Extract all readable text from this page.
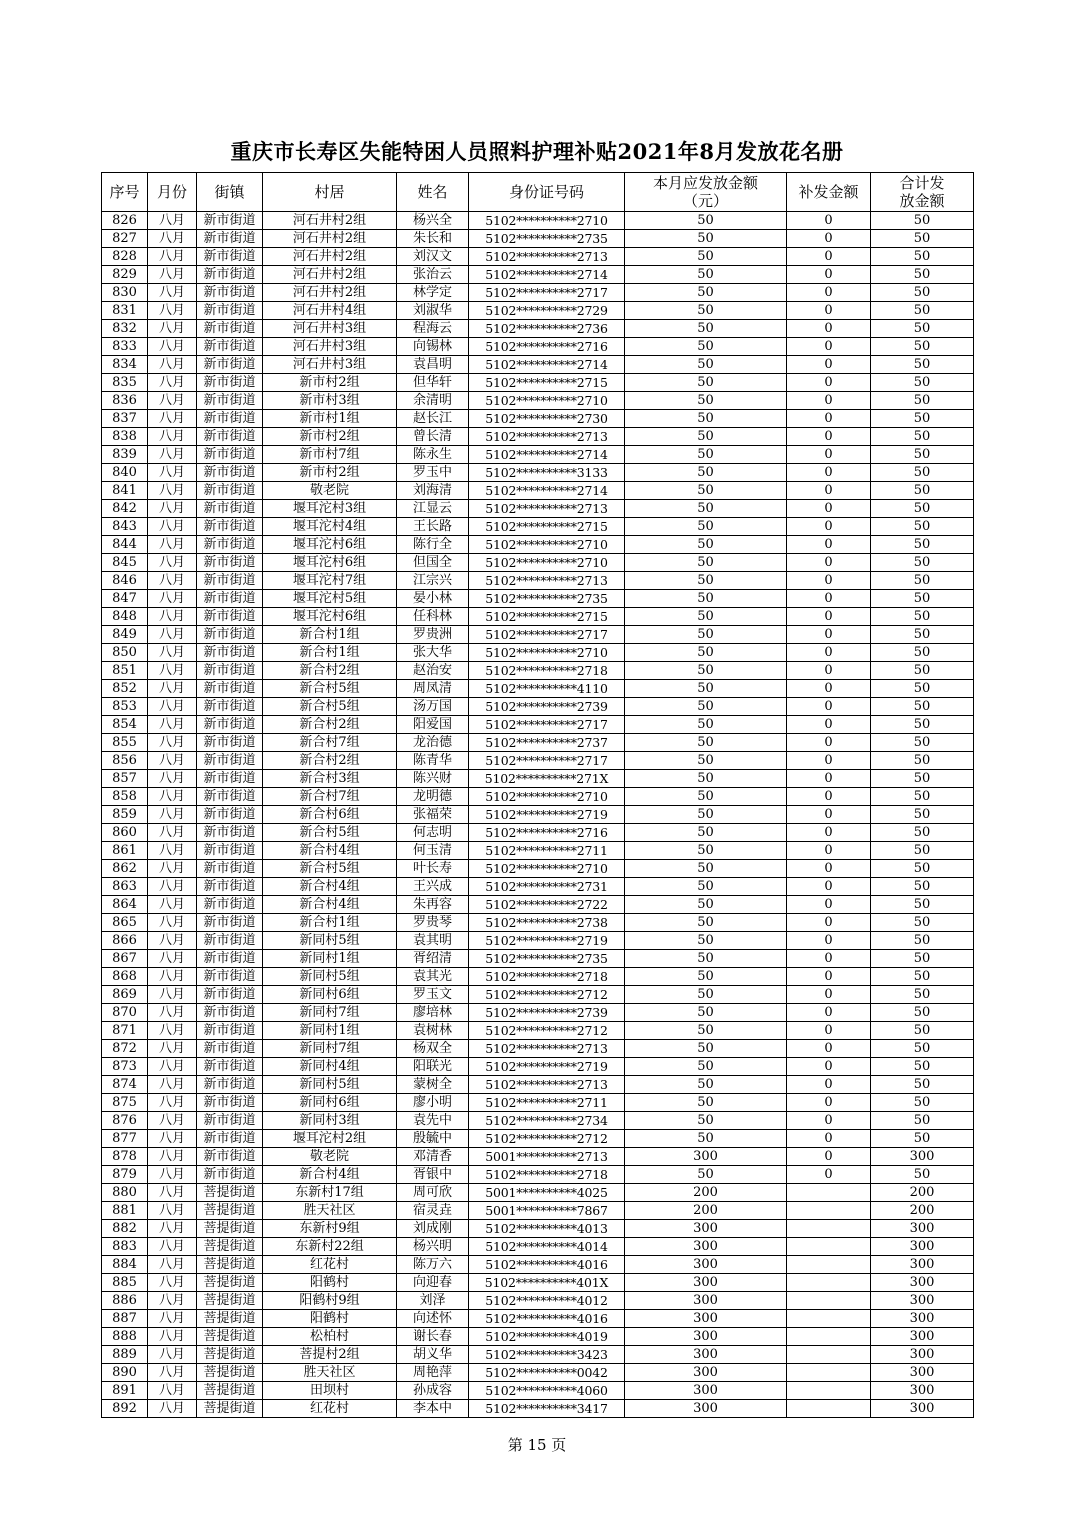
重庆市长寿区失能特困人员照料护理补贴2021年8月发放花名册
序号	月份	街镇	村居	姓名	身份证号码	本月应发放金额（元）	补发金额	合计发放金额
826	八月	新市街道	河石井村2组	杨兴全	5102**********2710	50	0	50
827	八月	新市街道	河石井村2组	朱长和	5102**********2735	50	0	50
828	八月	新市街道	河石井村2组	刘汉文	5102**********2713	50	0	50
829	八月	新市街道	河石井村2组	张治云	5102**********2714	50	0	50
830	八月	新市街道	河石井村2组	林学定	5102**********2717	50	0	50
831	八月	新市街道	河石井村4组	刘淑华	5102**********2729	50	0	50
832	八月	新市街道	河石井村3组	程海云	5102**********2736	50	0	50
833	八月	新市街道	河石井村3组	向锡林	5102**********2716	50	0	50
834	八月	新市街道	河石井村3组	袁昌明	5102**********2714	50	0	50
835	八月	新市街道	新市村2组	但华轩	5102**********2715	50	0	50
836	八月	新市街道	新市村3组	余清明	5102**********2710	50	0	50
837	八月	新市街道	新市村1组	赵长江	5102**********2730	50	0	50
838	八月	新市街道	新市村2组	曾长清	5102**********2713	50	0	50
839	八月	新市街道	新市村7组	陈永生	5102**********2714	50	0	50
840	八月	新市街道	新市村2组	罗玉中	5102**********3133	50	0	50
841	八月	新市街道	敬老院	刘海清	5102**********2714	50	0	50
842	八月	新市街道	堰耳沱村3组	江显云	5102**********2713	50	0	50
843	八月	新市街道	堰耳沱村4组	王长路	5102**********2715	50	0	50
844	八月	新市街道	堰耳沱村6组	陈行全	5102**********2710	50	0	50
845	八月	新市街道	堰耳沱村6组	但国全	5102**********2710	50	0	50
846	八月	新市街道	堰耳沱村7组	江宗兴	5102**********2713	50	0	50
847	八月	新市街道	堰耳沱村5组	晏小林	5102**********2735	50	0	50
848	八月	新市街道	堰耳沱村6组	任科林	5102**********2715	50	0	50
849	八月	新市街道	新合村1组	罗贵洲	5102**********2717	50	0	50
850	八月	新市街道	新合村1组	张大华	5102**********2710	50	0	50
851	八月	新市街道	新合村2组	赵治安	5102**********2718	50	0	50
852	八月	新市街道	新合村5组	周凤清	5102**********4110	50	0	50
853	八月	新市街道	新合村5组	汤万国	5102**********2739	50	0	50
854	八月	新市街道	新合村2组	阳爱国	5102**********2717	50	0	50
855	八月	新市街道	新合村7组	龙治德	5102**********2737	50	0	50
856	八月	新市街道	新合村2组	陈青华	5102**********2717	50	0	50
857	八月	新市街道	新合村3组	陈兴财	5102**********271X	50	0	50
858	八月	新市街道	新合村7组	龙明德	5102**********2710	50	0	50
859	八月	新市街道	新合村6组	张福荣	5102**********2719	50	0	50
860	八月	新市街道	新合村5组	何志明	5102**********2716	50	0	50
861	八月	新市街道	新合村4组	何玉清	5102**********2711	50	0	50
862	八月	新市街道	新合村5组	叶长寿	5102**********2710	50	0	50
863	八月	新市街道	新合村4组	王兴成	5102**********2731	50	0	50
864	八月	新市街道	新合村4组	朱再容	5102**********2722	50	0	50
865	八月	新市街道	新合村1组	罗贵琴	5102**********2738	50	0	50
866	八月	新市街道	新同村5组	袁其明	5102**********2719	50	0	50
867	八月	新市街道	新同村1组	胥绍清	5102**********2735	50	0	50
868	八月	新市街道	新同村5组	袁其光	5102**********2718	50	0	50
869	八月	新市街道	新同村6组	罗玉文	5102**********2712	50	0	50
870	八月	新市街道	新同村7组	廖培林	5102**********2739	50	0	50
871	八月	新市街道	新同村1组	袁树林	5102**********2712	50	0	50
872	八月	新市街道	新同村7组	杨双全	5102**********2713	50	0	50
873	八月	新市街道	新同村4组	阳联光	5102**********2719	50	0	50
874	八月	新市街道	新同村5组	蒙树全	5102**********2713	50	0	50
875	八月	新市街道	新同村6组	廖小明	5102**********2711	50	0	50
876	八月	新市街道	新同村3组	袁先中	5102**********2734	50	0	50
877	八月	新市街道	堰耳沱村2组	殷毓中	5102**********2712	50	0	50
878	八月	新市街道	敬老院	邓清香	5001**********2713	300	0	300
879	八月	新市街道	新合村4组	胥银中	5102**********2718	50	0	50
880	八月	菩提街道	东新村17组	周可欣	5001**********4025	200		200
881	八月	菩提街道	胜天社区	宿灵垚	5001**********7867	200		200
882	八月	菩提街道	东新村9组	刘成刚	5102**********4013	300		300
883	八月	菩提街道	东新村22组	杨兴明	5102**********4014	300		300
884	八月	菩提街道	红花村	陈万六	5102**********4016	300		300
885	八月	菩提街道	阳鹤村	向迎春	5102**********401X	300		300
886	八月	菩提街道	阳鹤村9组	刘泽	5102**********4012	300		300
887	八月	菩提街道	阳鹤村	向述怀	5102**********4016	300		300
888	八月	菩提街道	松柏村	谢长春	5102**********4019	300		300
889	八月	菩提街道	菩提村2组	胡义华	5102**********3423	300		300
890	八月	菩提街道	胜天社区	周艳萍	5102**********0042	300		300
891	八月	菩提街道	田坝村	孙成容	5102**********4060	300		300
892	八月	菩提街道	红花村	李本中	5102**********3417	300		300
第 15 页
